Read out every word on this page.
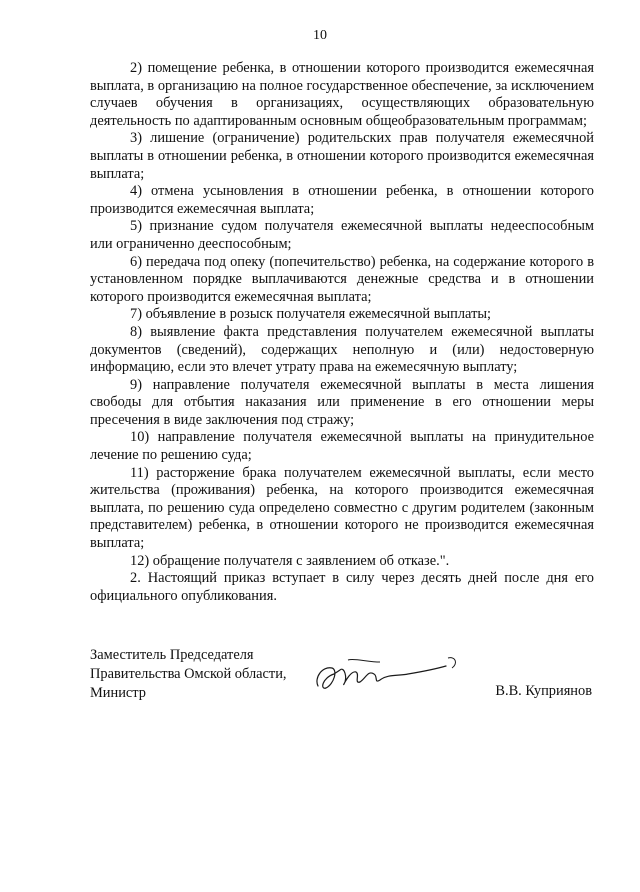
10

2) помещение ребенка, в отношении которого производится ежемесячная выплата, в организацию на полное государственное обеспечение, за исключением случаев обучения в организациях, осуществляющих образовательную деятельность по адаптированным основным общеобразовательным программам;

3) лишение (ограничение) родительских прав получателя ежемесячной выплаты в отношении ребенка, в отношении которого производится ежемесячная выплата;

4) отмена усыновления в отношении ребенка, в отношении которого производится ежемесячная выплата;

5) признание судом получателя ежемесячной выплаты недееспособным или ограниченно дееспособным;

6) передача под опеку (попечительство) ребенка, на содержание которого в установленном порядке выплачиваются денежные средства и в отношении которого производится ежемесячная выплата;

7) объявление в розыск получателя ежемесячной выплаты;

8) выявление факта представления получателем ежемесячной выплаты документов (сведений), содержащих неполную и (или) недостоверную информацию, если это влечет утрату права на ежемесячную выплату;

9) направление получателя ежемесячной выплаты в места лишения свободы для отбытия наказания или применение в его отношении меры пресечения в виде заключения под стражу;

10) направление получателя ежемесячной выплаты на принудительное лечение по решению суда;

11) расторжение брака получателем ежемесячной выплаты, если место жительства (проживания) ребенка, на которого производится ежемесячная выплата, по решению суда определено совместно с другим родителем (законным представителем) ребенка, в отношении которого не производится ежемесячная выплата;

12) обращение получателя с заявлением об отказе.".

2. Настоящий приказ вступает в силу через десять дней после дня его официального опубликования.

Заместитель Председателя
Правительства Омской области,
Министр	В.В. Куприянов
